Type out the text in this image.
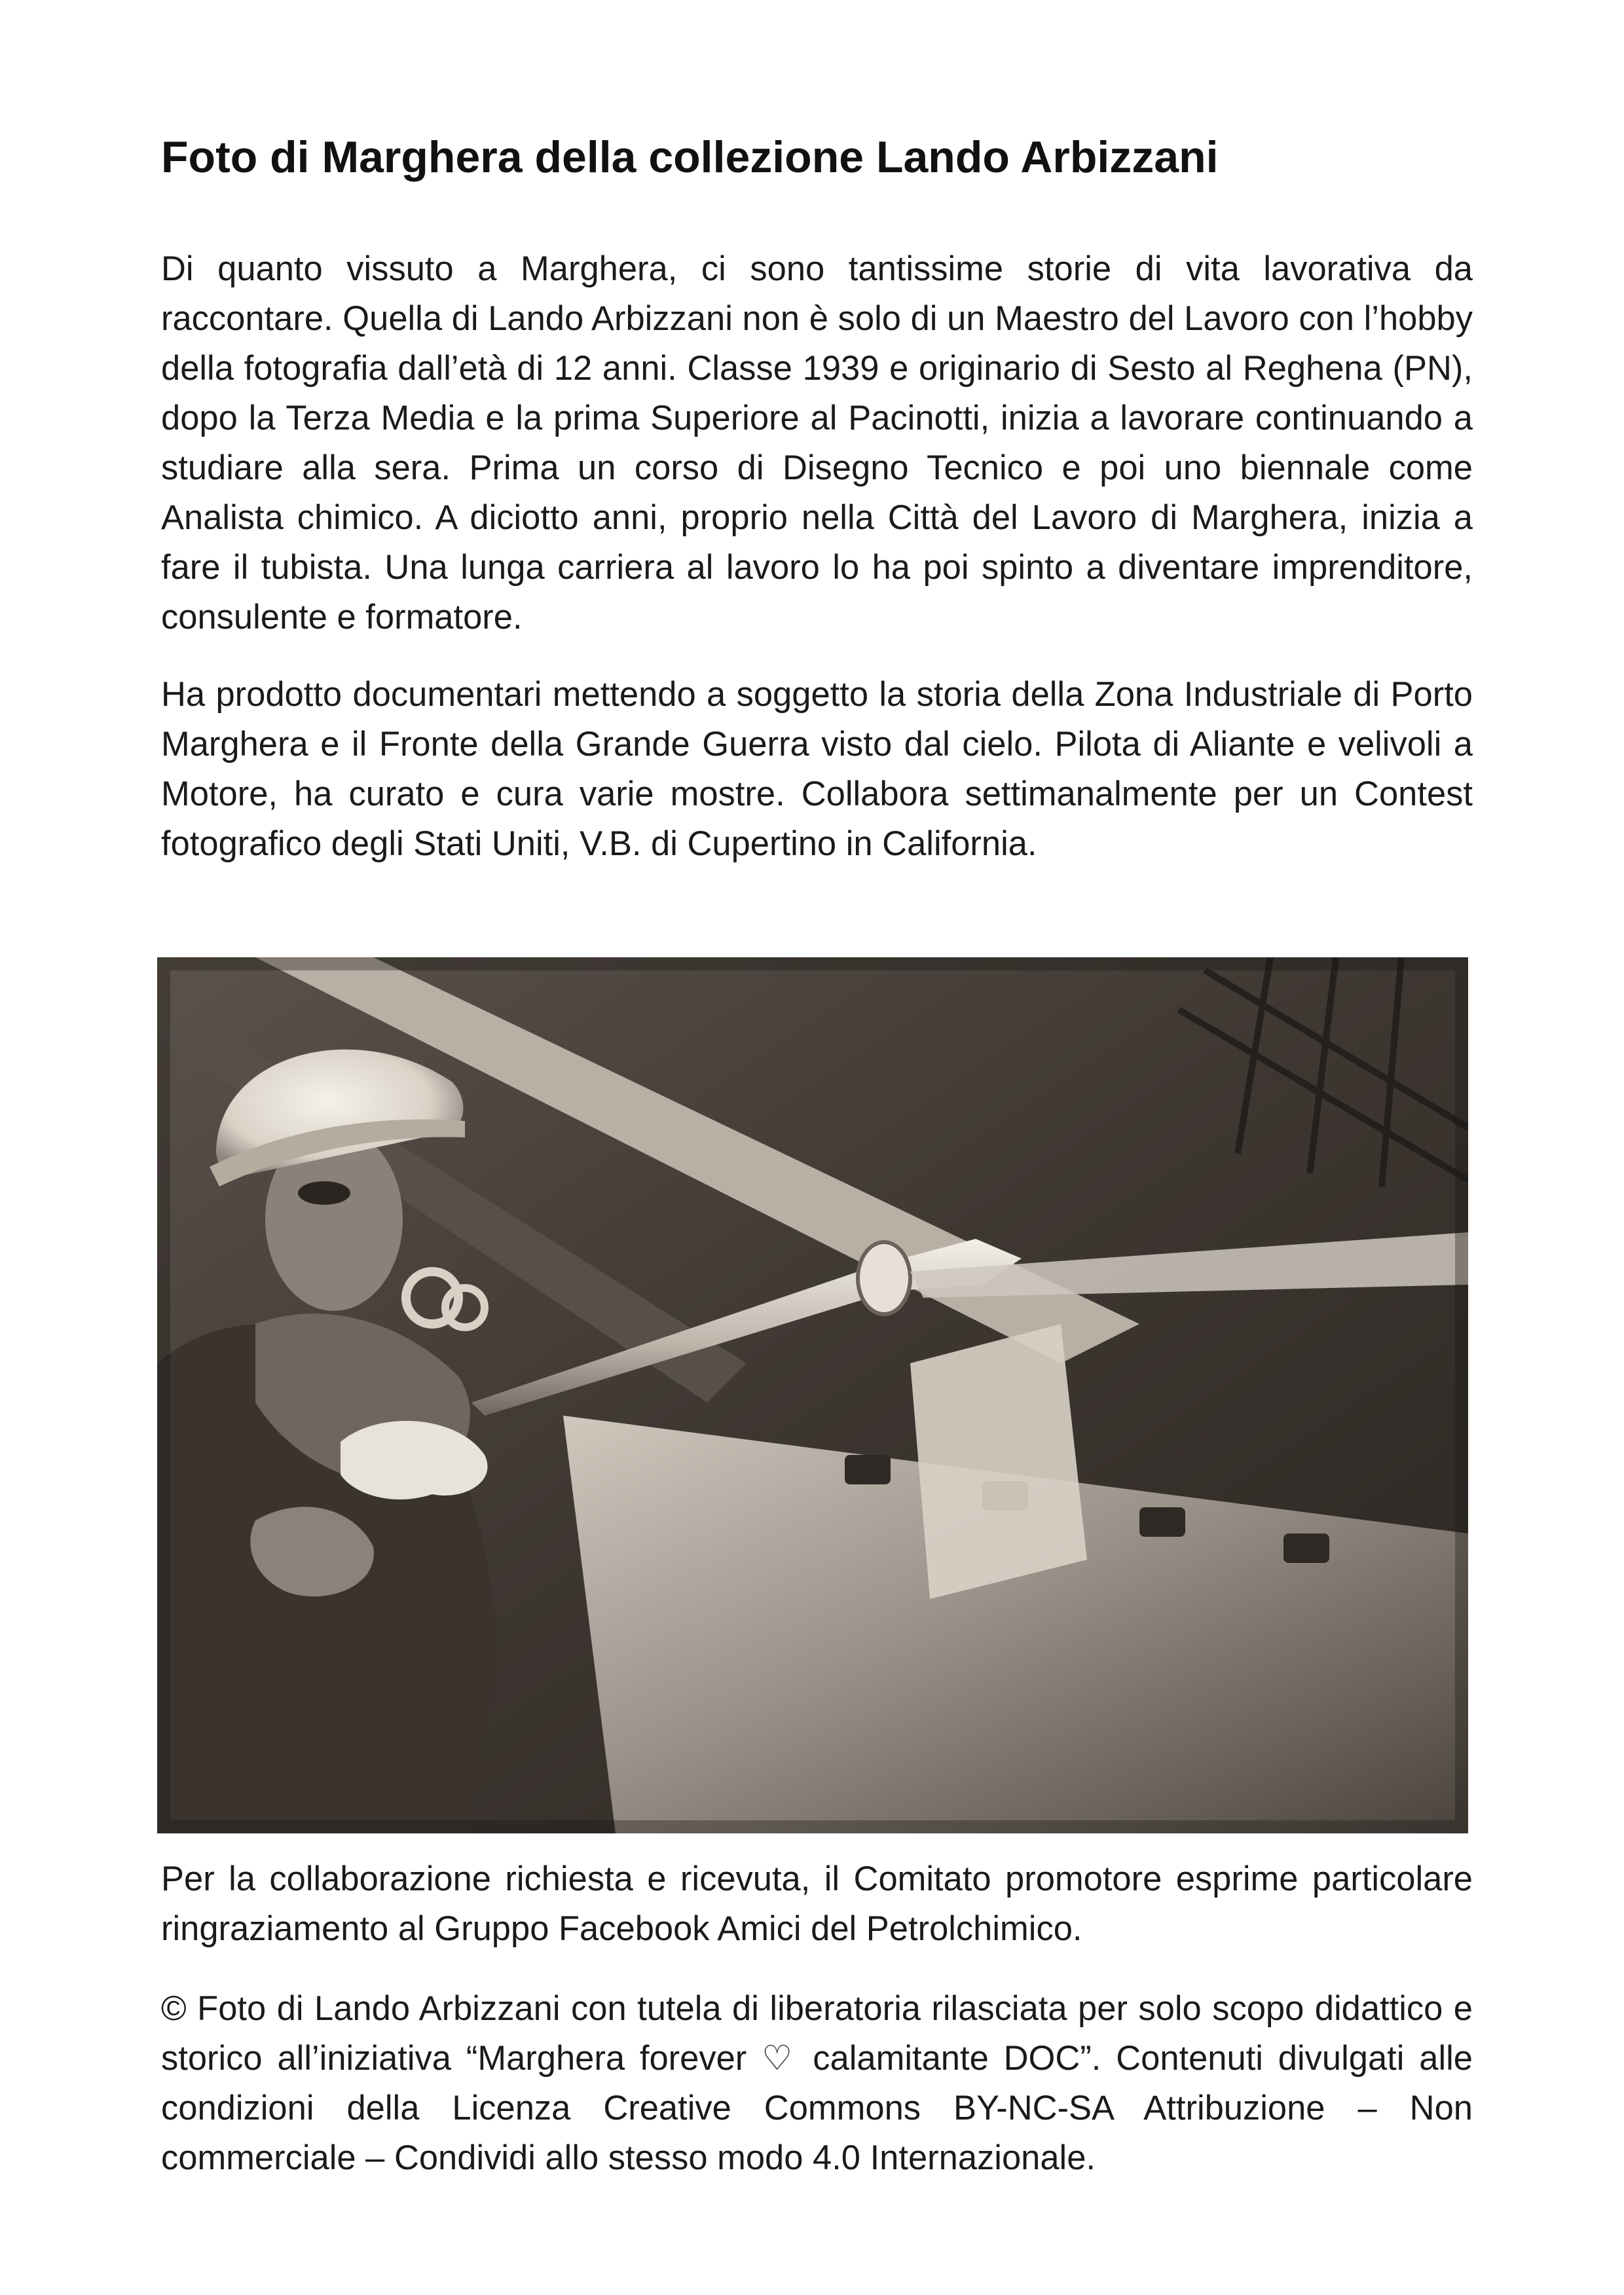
Foto di Marghera della collezione Lando Arbizzani

Di quanto vissuto a Marghera, ci sono tantissime storie di vita lavorativa da raccontare. Quella di Lando Arbizzani non è solo di un Maestro del Lavoro con l’hobby della fotografia dall’età di 12 anni. Classe 1939 e originario di Sesto al Reghena (PN), dopo la Terza Media e la prima Superiore al Pacinotti, inizia a lavorare continuando a studiare alla sera. Prima un corso di Disegno Tecnico e poi uno biennale come Analista chimico. A diciotto anni, proprio nella Città del Lavoro di Marghera, inizia a fare il tubista. Una lunga carriera al lavoro lo ha poi spinto a diventare imprenditore, consulente e formatore.

Ha prodotto documentari mettendo a soggetto la storia della Zona Industriale di Porto Marghera e il Fronte della Grande Guerra visto dal cielo. Pilota di Aliante e velivoli a Motore, ha curato e cura varie mostre. Collabora settimanalmente per un Contest fotografico degli Stati Uniti, V.B. di Cupertino in California.

Per la collaborazione richiesta e ricevuta, il Comitato promotore esprime particolare ringraziamento al Gruppo Facebook Amici del Petrolchimico.

© Foto di Lando Arbizzani con tutela di liberatoria rilasciata per solo scopo didattico e storico all’iniziativa “Marghera forever ♡ calamitante DOC”. Contenuti divulgati alle condizioni della Licenza Creative Commons BY-NC-SA Attribuzione – Non commerciale – Condividi allo stesso modo 4.0 Internazionale.
